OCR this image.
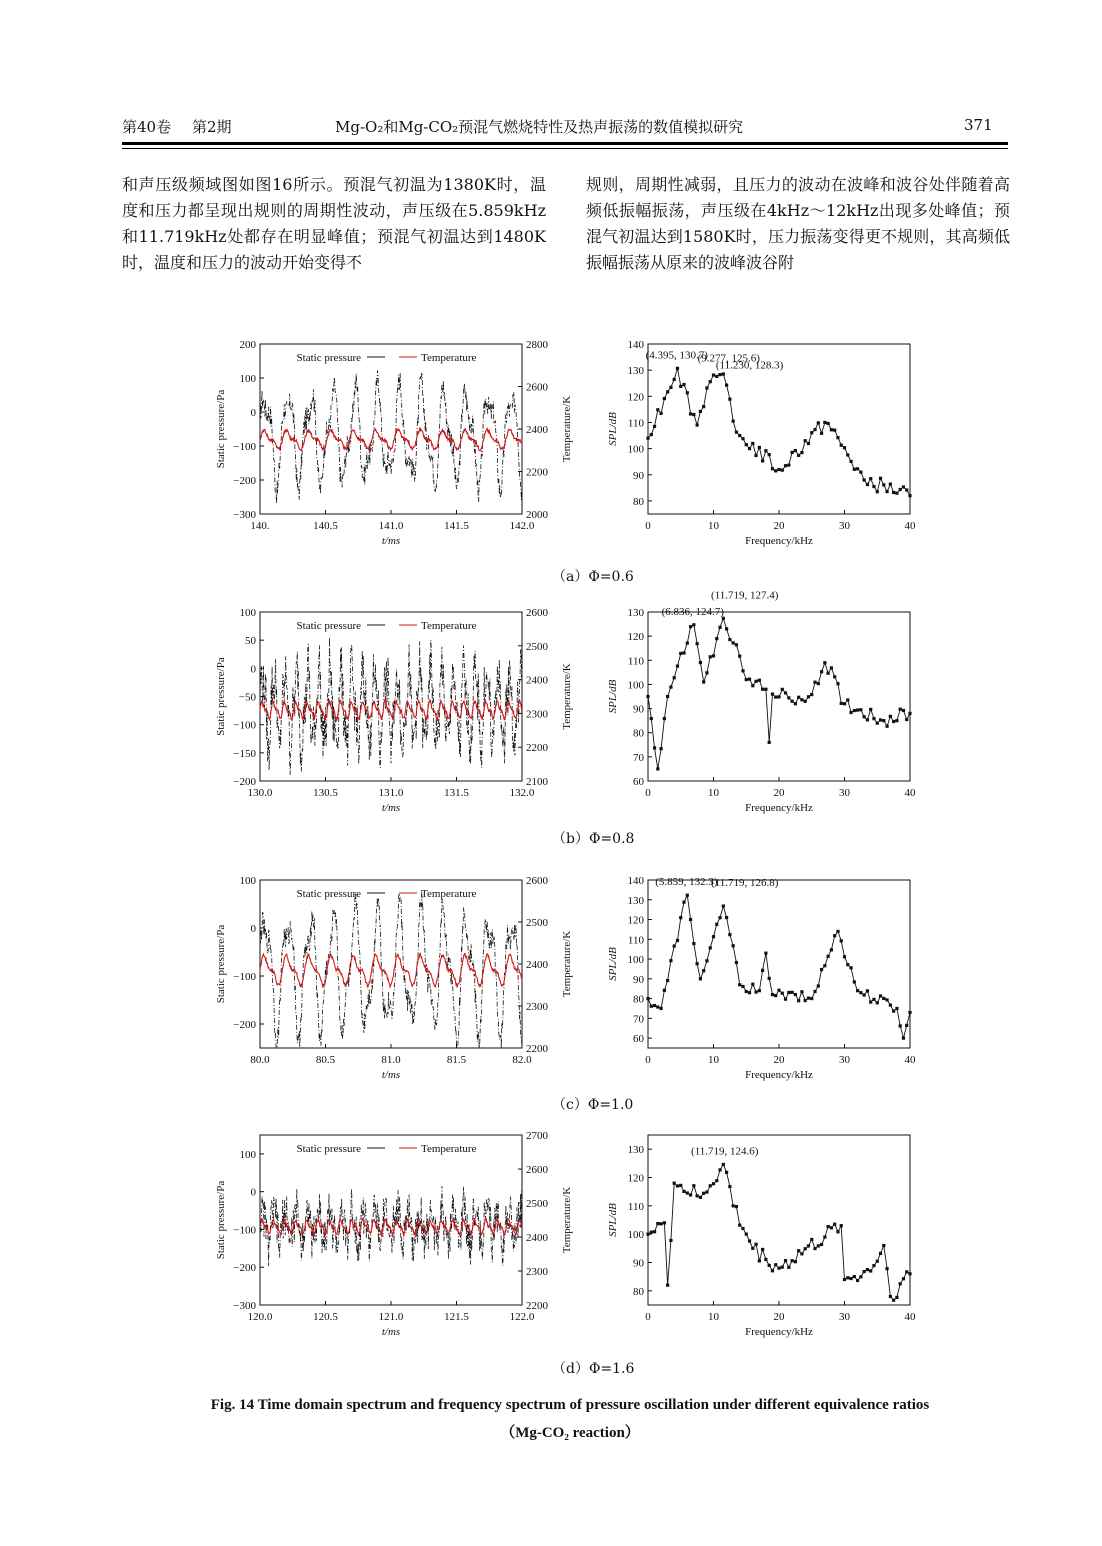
第40卷 第2期	Mg-O₂和Mg-CO₂预混气燃烧特性及热声振荡的数值模拟研究	371

和声压级频域图如图16所示。预混气初温为1380K时，温度和压力都呈现出规则的周期性波动，声压级在5.859kHz和11.719kHz处都存在明显峰值；预混气初温达到1480K时，温度和压力的波动开始变得不

规则，周期性减弱，且压力的波动在波峰和波谷处伴随着高频低振幅振荡，声压级在4kHz～12kHz出现多处峰值；预混气初温达到1580K时，压力振荡变得更不规则，其高频低振幅振荡从原来的波峰波谷附

140.	140.5	141.0	141.5	142.0
−300
−200
−100
0
100
200
2000
2200
2400
2600
2800
t/ms
Static pressure/Pa	Temperature/K
Static pressure	Temperature
0	10	20	30	40
80
90
100
110
120
130
140
Frequency/kHz
SPL/dB
(4.395, 130.7)
(9.277, 125.6)
(11.230, 128.3)
130.0	130.5	131.0	131.5	132.0
−200
−150
−100
−50
0
50
100
2100
2200
2300
2400
2500
2600
t/ms
Static pressure/Pa	Temperature/K
Static pressure	Temperature
0	10	20	30	40
60
70
80
90
100
110
120
130
Frequency/kHz
SPL/dB
(6.836, 124.7)
(11.719, 127.4)
80.0	80.5	81.0	81.5	82.0
−200
−100
0
100
2200
2300
2400
2500
2600
t/ms
Static pressure/Pa	Temperature/K
Static pressure	Temperature
0	10	20	30	40
60
70
80
90
100
110
120
130
140
Frequency/kHz
SPL/dB
(5.859, 132.3)
(11.719, 126.8)
120.0	120.5	121.0	121.5	122.0
−300
−200
−100
0
100
2200
2300
2400
2500
2600
2700
t/ms
Static pressure/Pa	Temperature/K
Static pressure	Temperature
0	10	20	30	40
80
90
100
110
120
130
Frequency/kHz
SPL/dB
(11.719, 124.6)
（a）Φ=0.6
（b）Φ=0.8
（c）Φ=1.0
（d）Φ=1.6
Fig. 14 Time domain spectrum and frequency spectrum of pressure oscillation under different equivalence ratios
（Mg-CO₂ reaction）
